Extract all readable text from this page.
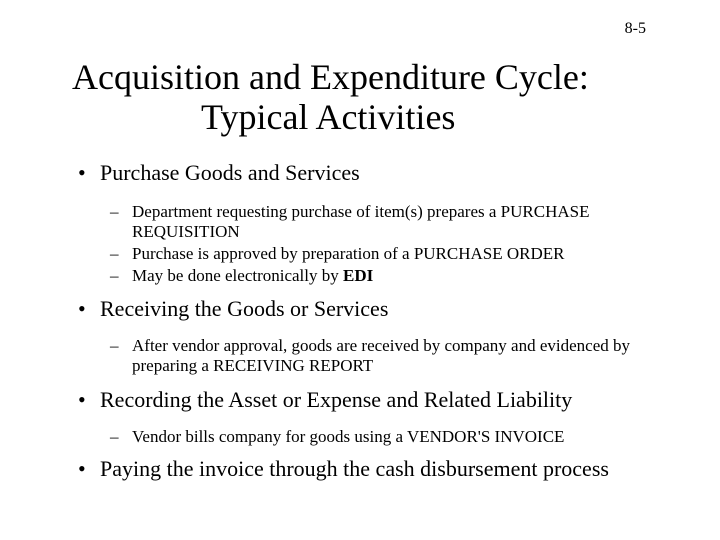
8-5
Acquisition and Expenditure Cycle:
Typical Activities
• Purchase Goods and Services
– Department requesting purchase of item(s) prepares a PURCHASE REQUISITION
– Purchase is approved by preparation of a PURCHASE ORDER
– May be done electronically by EDI
• Receiving the Goods or Services
– After vendor approval, goods are received by company and evidenced by preparing a RECEIVING REPORT
• Recording the Asset or Expense and Related Liability
– Vendor bills company for goods using a VENDOR'S INVOICE
• Paying the invoice through the cash disbursement process
